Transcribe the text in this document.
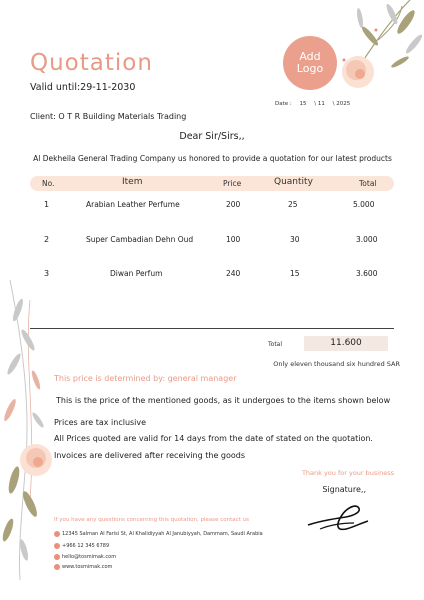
Quotation
Valid until:29-11-2030
Add
Logo
Date : 15 \ 11 \ 2025
Client: O T R Building Materials Trading
Dear Sir/Sirs,,
Al Dekheila General Trading Company us honored to provide a quotation for our latest products
No.	Item	Price	Quantity	Total
1	Arabian Leather Perfume	200	25	5.000
2	Super Cambadian Dehn Oud	100	30	3.000
3	Diwan Perfum	240	15	3.600
Total	11.600
Only eleven thousand six hundred SAR
This price is determined by: general manager
This is the price of the mentioned goods, as it undergoes to the items shown below
Prices are tax inclusive
All Prices quoted are valid for 14 days from the date of stated on the quotation.
Invoices are delivered after receiving the goods
Thank you for your business
Signature,,
If you have any questions concerning this quotation, please contact us
12345 Salman Al Farisi St, Al Khalidiyyah Al Janubiyyah, Dammam, Saudi Arabia
+966 12 345 6789
hello@tosmimak.com
www.tosmimak.com
